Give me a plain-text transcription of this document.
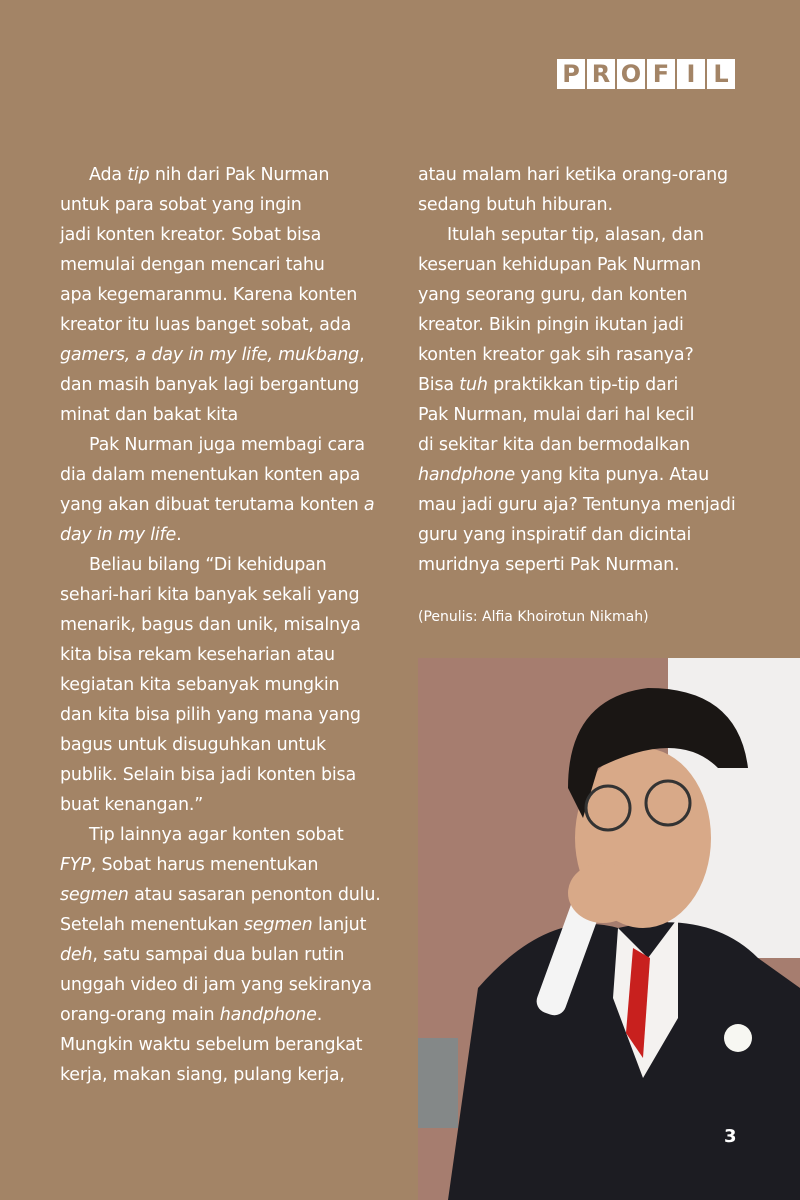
P R O F I L
Ada tip nih dari Pak Nurman
untuk para sobat yang ingin
jadi konten kreator. Sobat bisa
memulai dengan mencari tahu
apa kegemaranmu. Karena konten
kreator itu luas banget sobat, ada
gamers, a day in my life, mukbang,
dan masih banyak lagi bergantung
minat dan bakat kita
Pak Nurman juga membagi cara
dia dalam menentukan konten apa
yang akan dibuat terutama konten a
day in my life.
Beliau bilang “Di kehidupan
sehari-hari kita banyak sekali yang
menarik, bagus dan unik, misalnya
kita bisa rekam keseharian atau
kegiatan kita sebanyak mungkin
dan kita bisa pilih yang mana yang
bagus untuk disuguhkan untuk
publik. Selain bisa jadi konten bisa
buat kenangan.”
Tip lainnya agar konten sobat
FYP, Sobat harus menentukan
segmen atau sasaran penonton dulu.
Setelah menentukan segmen lanjut
deh, satu sampai dua bulan rutin
unggah video di jam yang sekiranya
orang-orang main handphone.
Mungkin waktu sebelum berangkat
kerja, makan siang, pulang kerja,
atau malam hari ketika orang-orang
sedang butuh hiburan.
Itulah seputar tip, alasan, dan
keseruan kehidupan Pak Nurman
yang seorang guru, dan konten
kreator. Bikin pingin ikutan jadi
konten kreator gak sih rasanya?
Bisa tuh praktikkan tip-tip dari
Pak Nurman, mulai dari hal kecil
di sekitar kita dan bermodalkan
handphone yang kita punya. Atau
mau jadi guru aja? Tentunya menjadi
guru yang inspiratif dan dicintai
muridnya seperti Pak Nurman.
(Penulis: Alfia Khoirotun Nikmah)
3
